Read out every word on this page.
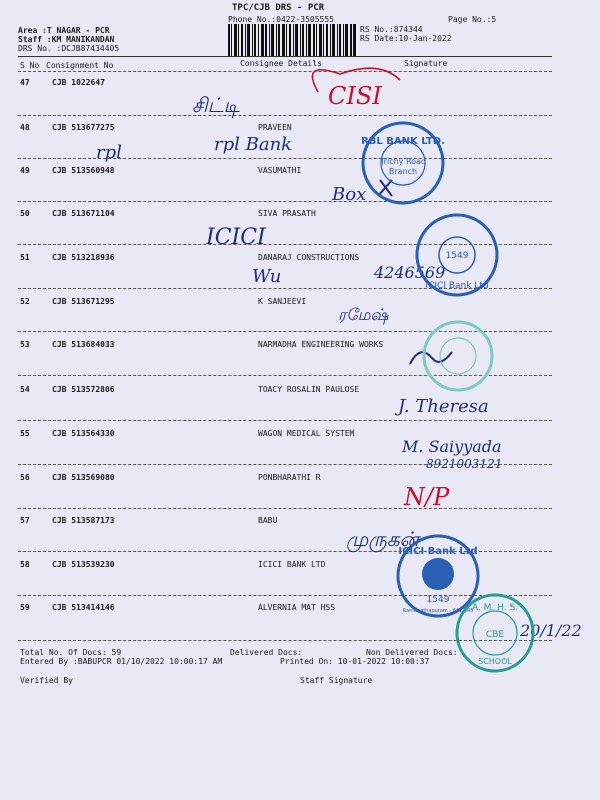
TPC/CJB DRS - PCR
Phone No.:0422-3505555
Area :T NAGAR - PCR
Staff :KM MANIKANDAN
DRS No. :DCJB87434405
RS No.:874344
RS Date:10-Jan-2022
Page No.:5
S No Consignment No	Consignee Details	Signature
47	CJB 1022647
48	CJB 513677275	PRAVEEN
49	CJB 513560948	VASUMATHI
50	CJB 513671104	SIVA PRASATH
51	CJB 513218936	DANARAJ CONSTRUCTIONS
52	CJB 513671295	K SANJEEVI
53	CJB 513684033	NARMADHA ENGINEERING WORKS
54	CJB 513572806	TOACY ROSALIN PAULOSE
55	CJB 513564330	WAGON MEDICAL SYSTEM
56	CJB 513569080	PONBHARATHI R
57	CJB 513587173	BABU
58	CJB 513539230	ICICI BANK LTD
59	CJB 513414146	ALVERNIA MAT HSS
Total No. Of Docs: 59	Delivered Docs:	Non Delivered Docs:
Entered By :BABUPCR 01/10/2022 10:00:17 AM	Printed On: 10-01-2022 10:00:37
Verified By	Staff Signature
சிட்டி
rpl	rpl Bank
Box
ICICI
Wu	4246569
ரமேஷ்
J. Theresa
M. Saiyyada
8921003121
முருகன்
20/1/22
CISI
N/P
RBL BANK LTD.
Trichy Road
Branch
ICICI Bank Ltd
1549
ICICI Bank Ltd
1549
Ramanathapuram - 641 045
A. M. H. S.
CBE
SCHOOL
